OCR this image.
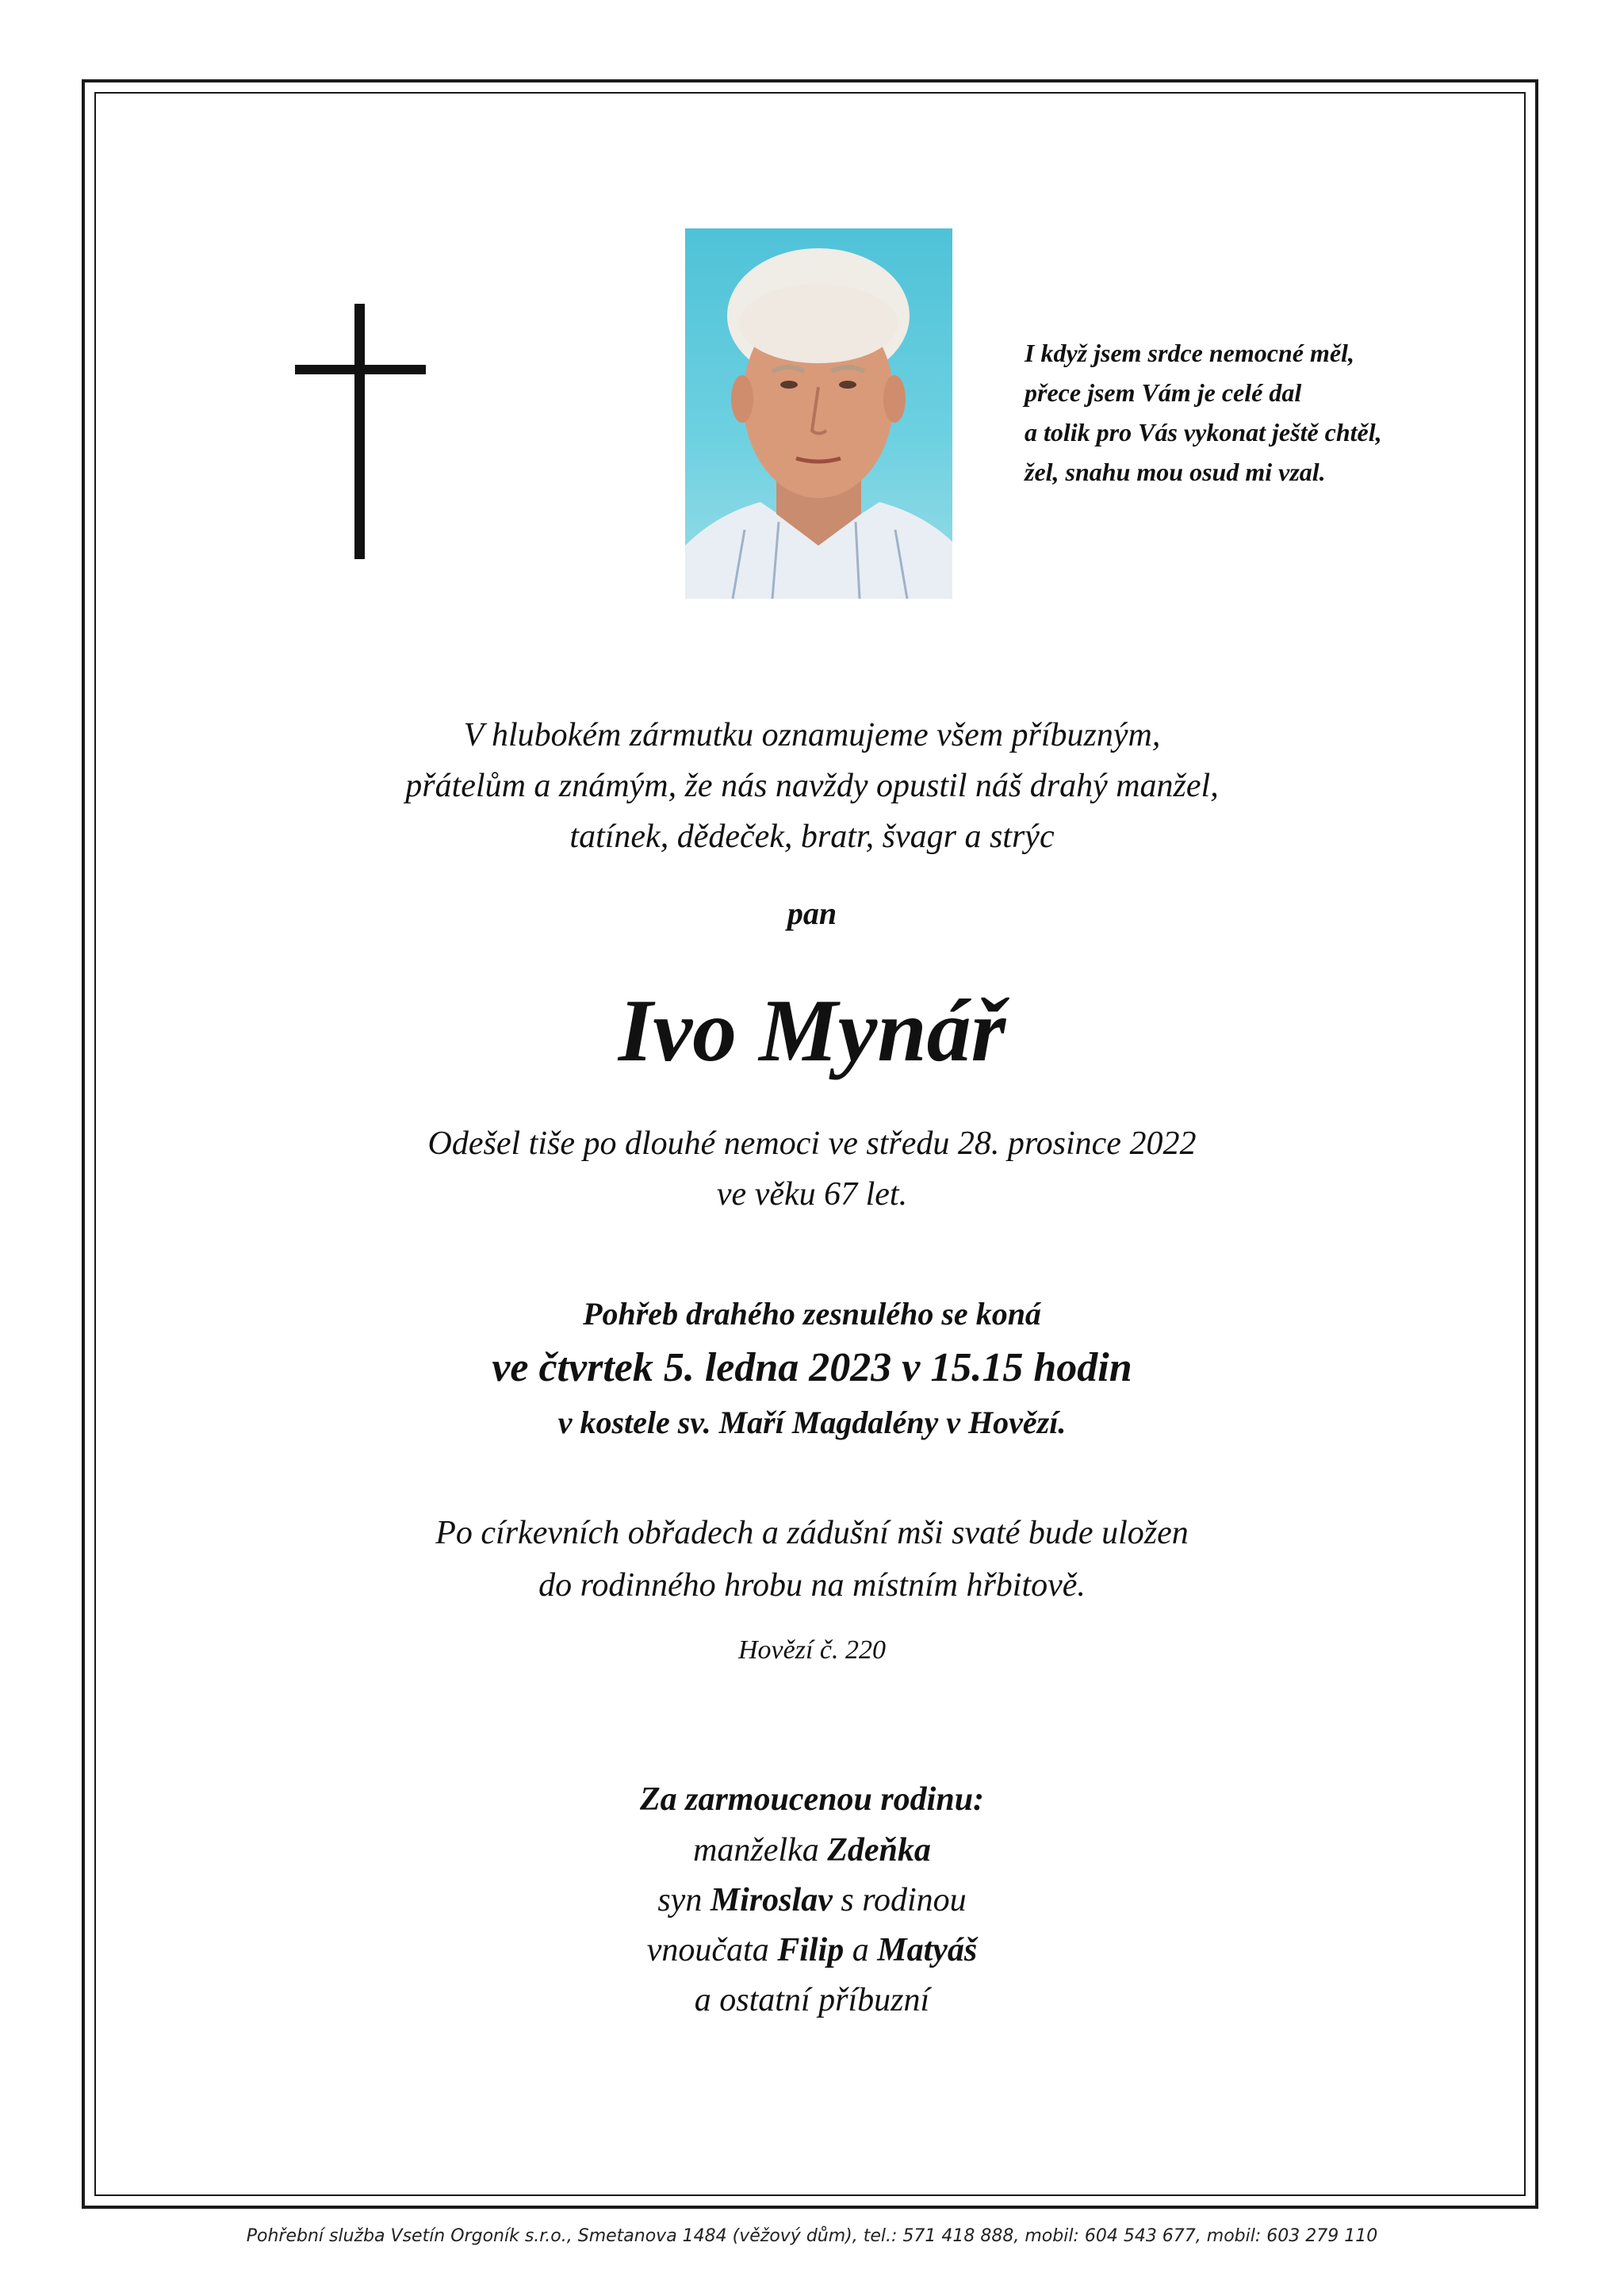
I když jsem srdce nemocné měl,
přece jsem Vám je celé dal
a tolik pro Vás vykonat ještě chtěl,
žel, snahu mou osud mi vzal.
V hlubokém zármutku oznamujeme všem příbuzným,
přátelům a známým, že nás navždy opustil náš drahý manžel,
tatínek, dědeček, bratr, švagr a strýc
pan
Ivo Mynář
Odešel tiše po dlouhé nemoci ve středu 28. prosince 2022
ve věku 67 let.
Pohřeb drahého zesnulého se koná
ve čtvrtek 5. ledna 2023 v 15.15 hodin
v kostele sv. Maří Magdalény v Hovězí.
Po církevních obřadech a zádušní mši svaté bude uložen
do rodinného hrobu na místním hřbitově.
Hovězí č. 220
Za zarmoucenou rodinu:
manželka Zdeňka
syn Miroslav s rodinou
vnoučata Filip a Matyáš
a ostatní příbuzní
Pohřební služba Vsetín Orgoník s.r.o., Smetanova 1484 (věžový dům), tel.: 571 418 888, mobil: 604 543 677, mobil: 603 279 110
